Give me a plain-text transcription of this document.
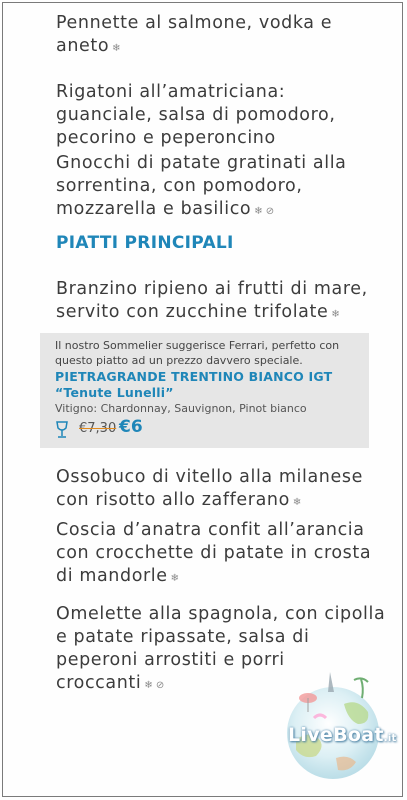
Pennette al salmone, vodka e aneto ❄
Rigatoni all’amatriciana: guanciale, salsa di pomodoro, pecorino e peperoncino
Gnocchi di patate gratinati alla sorrentina, con pomodoro, mozzarella e basilico ❄ ⊘
PIATTI PRINCIPALI
Branzino ripieno ai frutti di mare, servito con zucchine trifolate ❄
Il nostro Sommelier suggerisce Ferrari, perfetto con questo piatto ad un prezzo davvero speciale.
PIETRAGRANDE TRENTINO BIANCO IGT “Tenute Lunelli”
Vitigno: Chardonnay, Sauvignon, Pinot bianco
€7,30 €6
Ossobuco di vitello alla milanese con risotto allo zafferano ❄
Coscia d’anatra confit all’arancia con crocchette di patate in crosta di mandorle ❄
Omelette alla spagnola, con cipolla e patate ripassate, salsa di peperoni arrostiti e porri croccanti ❄ ⊘
LiveBoat.it
